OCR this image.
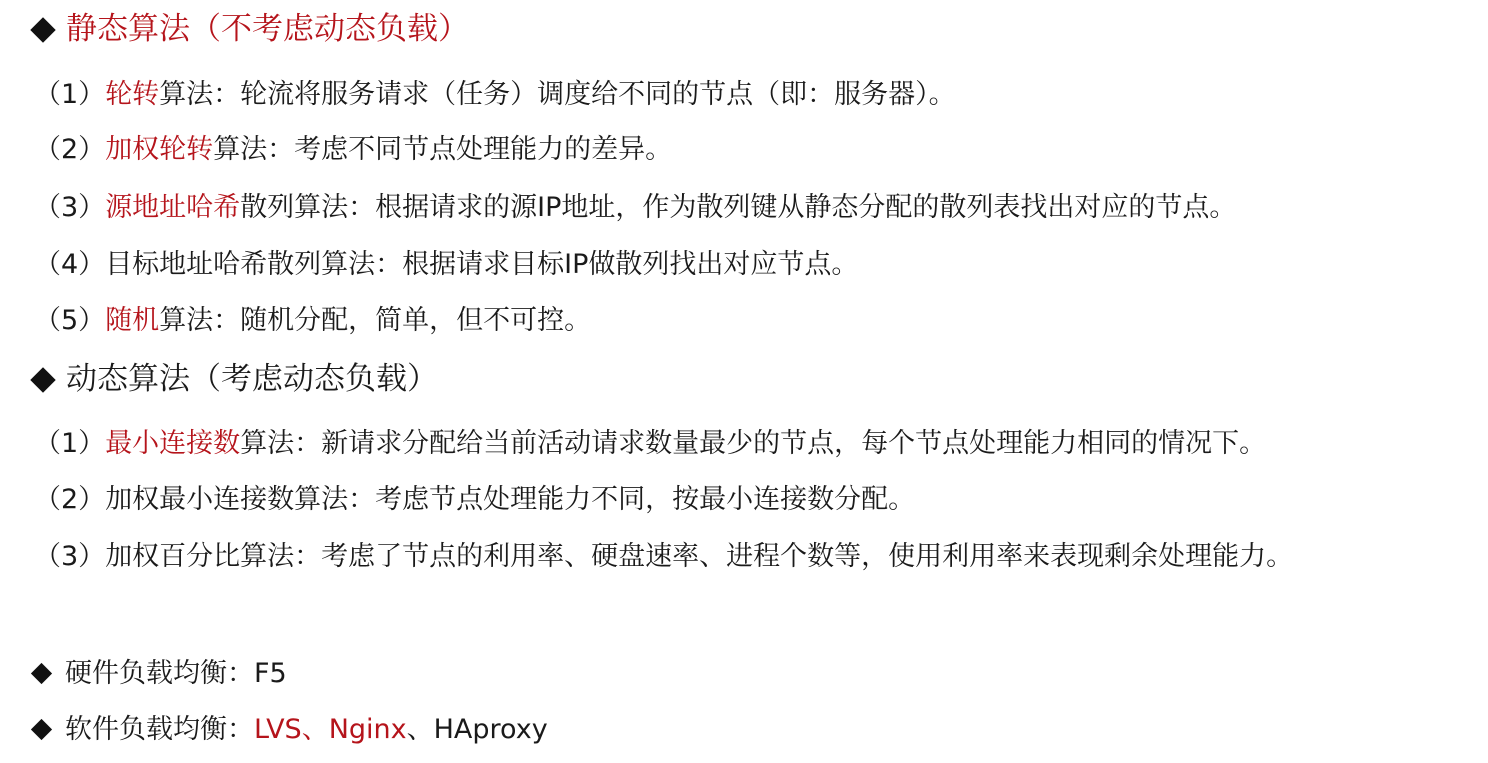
静态算法（不考虑动态负载）
（1）轮转算法：轮流将服务请求（任务）调度给不同的节点（即：服务器）。
（2）加权轮转算法：考虑不同节点处理能力的差异。
（3）源地址哈希散列算法：根据请求的源IP地址，作为散列键从静态分配的散列表找出对应的节点。
（4）目标地址哈希散列算法：根据请求目标IP做散列找出对应节点。
（5）随机算法：随机分配，简单，但不可控。
动态算法（考虑动态负载）
（1）最小连接数算法：新请求分配给当前活动请求数量最少的节点，每个节点处理能力相同的情况下。
（2）加权最小连接数算法：考虑节点处理能力不同，按最小连接数分配。
（3）加权百分比算法：考虑了节点的利用率、硬盘速率、进程个数等，使用利用率来表现剩余处理能力。
硬件负载均衡： F5
软件负载均衡： LVS 、 Nginx 、 HAproxy
